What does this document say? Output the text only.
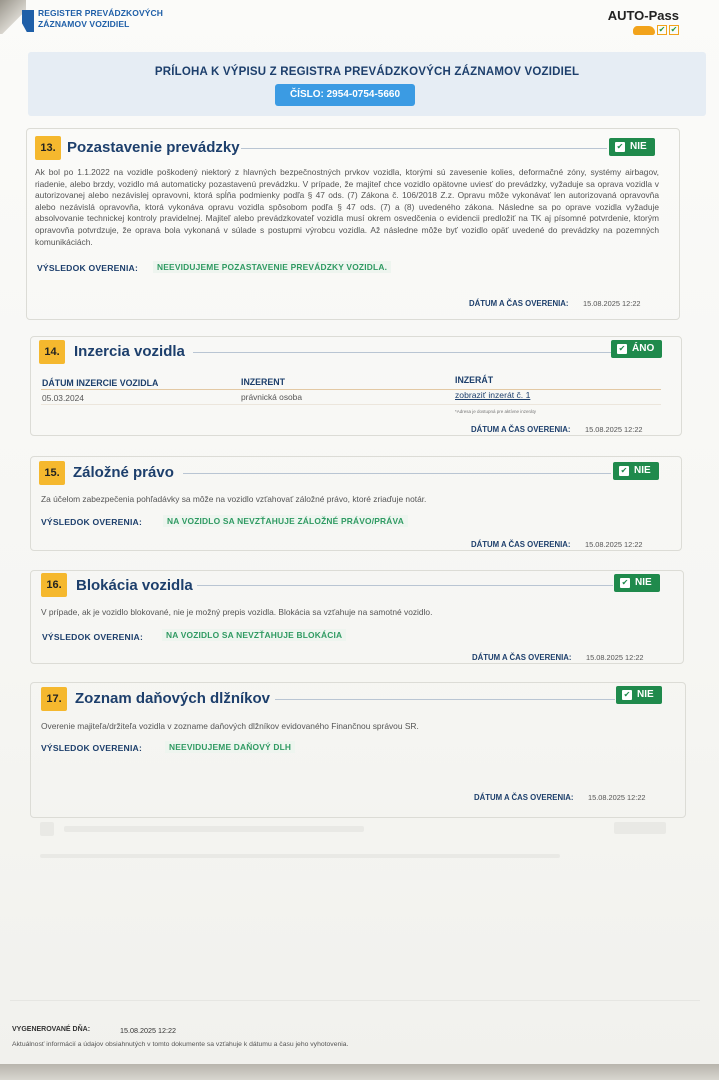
REGISTER PREVÁDZKOVÝCH
ZÁZNAMOV VOZIDIEL
AUTO-Pass
✔ ✔
PRÍLOHA K VÝPISU Z REGISTRA PREVÁDZKOVÝCH ZÁZNAMOV VOZIDIEL
ČÍSLO: 2954-0754-5660
13. Pozastavenie prevádzky	✔ NIE
Ak bol po 1.1.2022 na vozidle poškodený niektorý z hlavných bezpečnostných prvkov vozidla, ktorými sú zavesenie kolies, deformačné zóny, systémy airbagov, riadenie, alebo brzdy, vozidlo má automaticky pozastavenú prevádzku. V prípade, že majiteľ chce vozidlo opätovne uviesť do prevádzky, vyžaduje sa oprava vozidla v autorizovanej alebo nezávislej opravovni, ktorá spĺňa podmienky podľa § 47 ods. (7) Zákona č. 106/2018 Z.z. Opravu môže vykonávať len autorizovaná opravovňa alebo nezávislá opravovňa, ktorá vykonáva opravu vozidla spôsobom podľa § 47 ods. (7) a (8) uvedeného zákona. Následne sa po oprave vozidla vyžaduje absolvovanie technickej kontroly pravidelnej. Majiteľ alebo prevádzkovateľ vozidla musí okrem osvedčenia o evidencii predložiť na TK aj písomné potvrdenie, ktorým opravovňa potvrdzuje, že oprava bola vykonaná v súlade s postupmi výrobcu vozidla. Až následne môže byť vozidlo opäť uvedené do prevádzky na pozemných komunikáciách.
VÝSLEDOK OVERENIA:	NEEVIDUJEME POZASTAVENIE PREVÁDZKY VOZIDLA.
DÁTUM A ČAS OVERENIA: 15.08.2025 12:22
14. Inzercia vozidla	✔ ÁNO
DÁTUM INZERCIE VOZIDLA	INZERENT	INZERÁT
05.03.2024	právnická osoba	zobraziť inzerát č. 1
*Adresa je dostupná pre aktívne inzeráty
DÁTUM A ČAS OVERENIA: 15.08.2025 12:22
15. Záložné právo	✔ NIE
Za účelom zabezpečenia pohľadávky sa môže na vozidlo vzťahovať záložné právo, ktoré zriaďuje notár.
VÝSLEDOK OVERENIA:	NA VOZIDLO SA NEVZŤAHUJE ZÁLOŽNÉ PRÁVO/PRÁVA
DÁTUM A ČAS OVERENIA: 15.08.2025 12:22
16. Blokácia vozidla	✔ NIE
V prípade, ak je vozidlo blokované, nie je možný prepis vozidla. Blokácia sa vzťahuje na samotné vozidlo.
VÝSLEDOK OVERENIA:	NA VOZIDLO SA NEVZŤAHUJE BLOKÁCIA
DÁTUM A ČAS OVERENIA: 15.08.2025 12:22
17. Zoznam daňových dlžníkov	✔ NIE
Overenie majiteľa/držiteľa vozidla v zozname daňových dlžníkov evidovaného Finančnou správou SR.
VÝSLEDOK OVERENIA:	NEEVIDUJEME DAŇOVÝ DLH
DÁTUM A ČAS OVERENIA: 15.08.2025 12:22
VYGENEROVANÉ DŇA:	15.08.2025 12:22
Aktuálnosť informácií a údajov obsiahnutých v tomto dokumente sa vzťahuje k dátumu a času jeho vyhotovenia.
